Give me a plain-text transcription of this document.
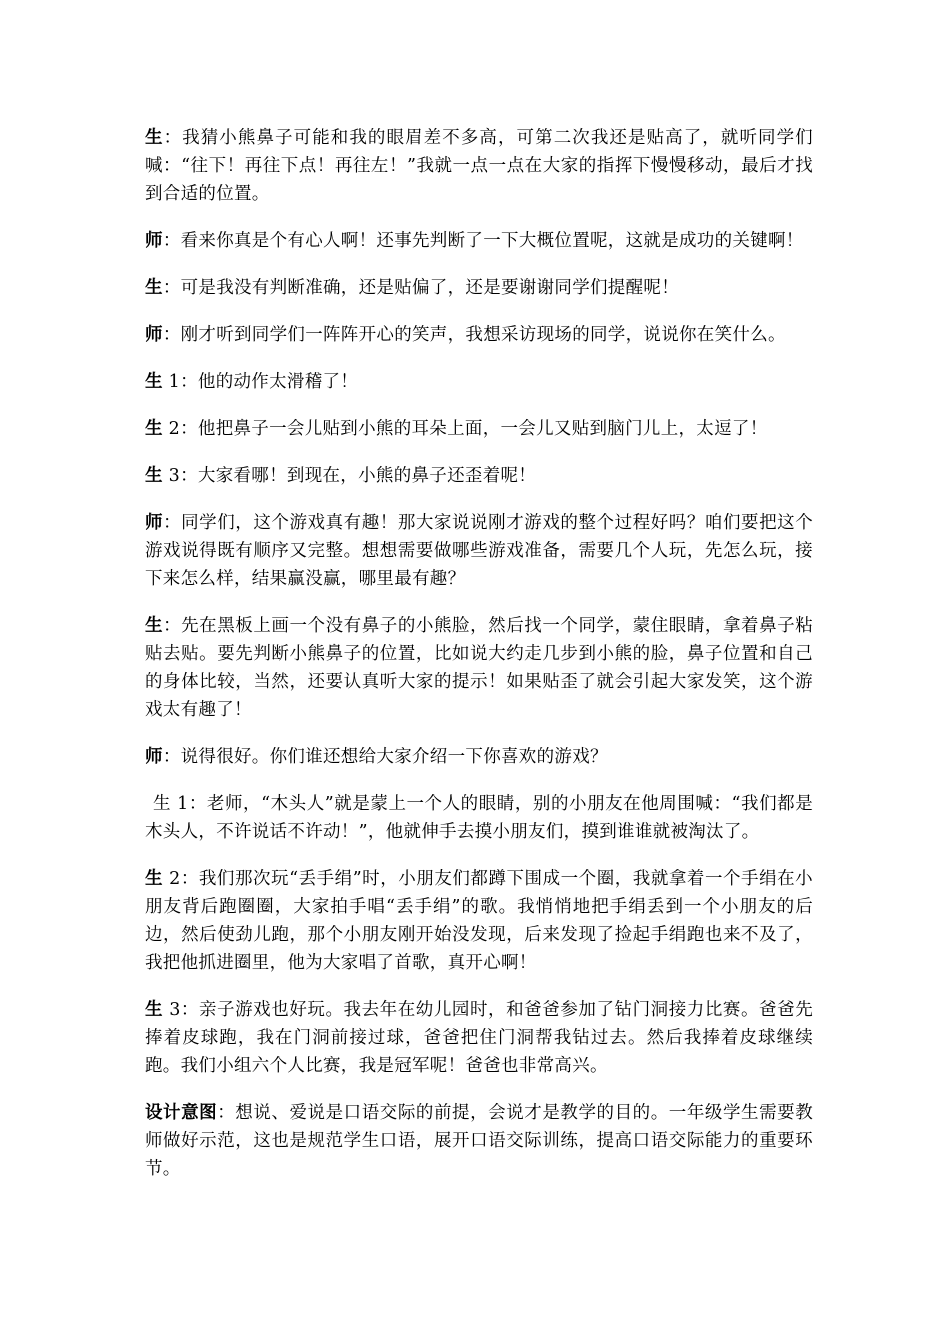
生：我猜小熊鼻子可能和我的眼眉差不多高，可第二次我还是贴高了，就听同学们喊：“往下！再往下点！再往左！”我就一点一点在大家的指挥下慢慢移动，最后才找到合适的位置。

师：看来你真是个有心人啊！还事先判断了一下大概位置呢，这就是成功的关键啊！

生：可是我没有判断准确，还是贴偏了，还是要谢谢同学们提醒呢！

师：刚才听到同学们一阵阵开心的笑声，我想采访现场的同学，说说你在笑什么。

生 1：他的动作太滑稽了！

生 2：他把鼻子一会儿贴到小熊的耳朵上面，一会儿又贴到脑门儿上，太逗了！

生 3：大家看哪！到现在，小熊的鼻子还歪着呢！

师：同学们，这个游戏真有趣！那大家说说刚才游戏的整个过程好吗？咱们要把这个游戏说得既有顺序又完整。想想需要做哪些游戏准备，需要几个人玩，先怎么玩，接下来怎么样，结果赢没赢，哪里最有趣？

生：先在黑板上画一个没有鼻子的小熊脸，然后找一个同学，蒙住眼睛，拿着鼻子粘贴去贴。要先判断小熊鼻子的位置，比如说大约走几步到小熊的脸，鼻子位置和自己的身体比较，当然，还要认真听大家的提示！如果贴歪了就会引起大家发笑，这个游戏太有趣了！

师：说得很好。你们谁还想给大家介绍一下你喜欢的游戏？

生 1：老师，“木头人”就是蒙上一个人的眼睛，别的小朋友在他周围喊：“我们都是木头人，不许说话不许动！”，他就伸手去摸小朋友们，摸到谁谁就被淘汰了。

生 2：我们那次玩“丢手绢”时，小朋友们都蹲下围成一个圈，我就拿着一个手绢在小朋友背后跑圈圈，大家拍手唱“丢手绢”的歌。我悄悄地把手绢丢到一个小朋友的后边，然后使劲儿跑，那个小朋友刚开始没发现，后来发现了捡起手绢跑也来不及了，我把他抓进圈里，他为大家唱了首歌，真开心啊！

生 3：亲子游戏也好玩。我去年在幼儿园时，和爸爸参加了钻门洞接力比赛。爸爸先捧着皮球跑，我在门洞前接过球，爸爸把住门洞帮我钻过去。然后我捧着皮球继续跑。我们小组六个人比赛，我是冠军呢！爸爸也非常高兴。

设计意图：想说、爱说是口语交际的前提，会说才是教学的目的。一年级学生需要教师做好示范，这也是规范学生口语，展开口语交际训练，提高口语交际能力的重要环节。
